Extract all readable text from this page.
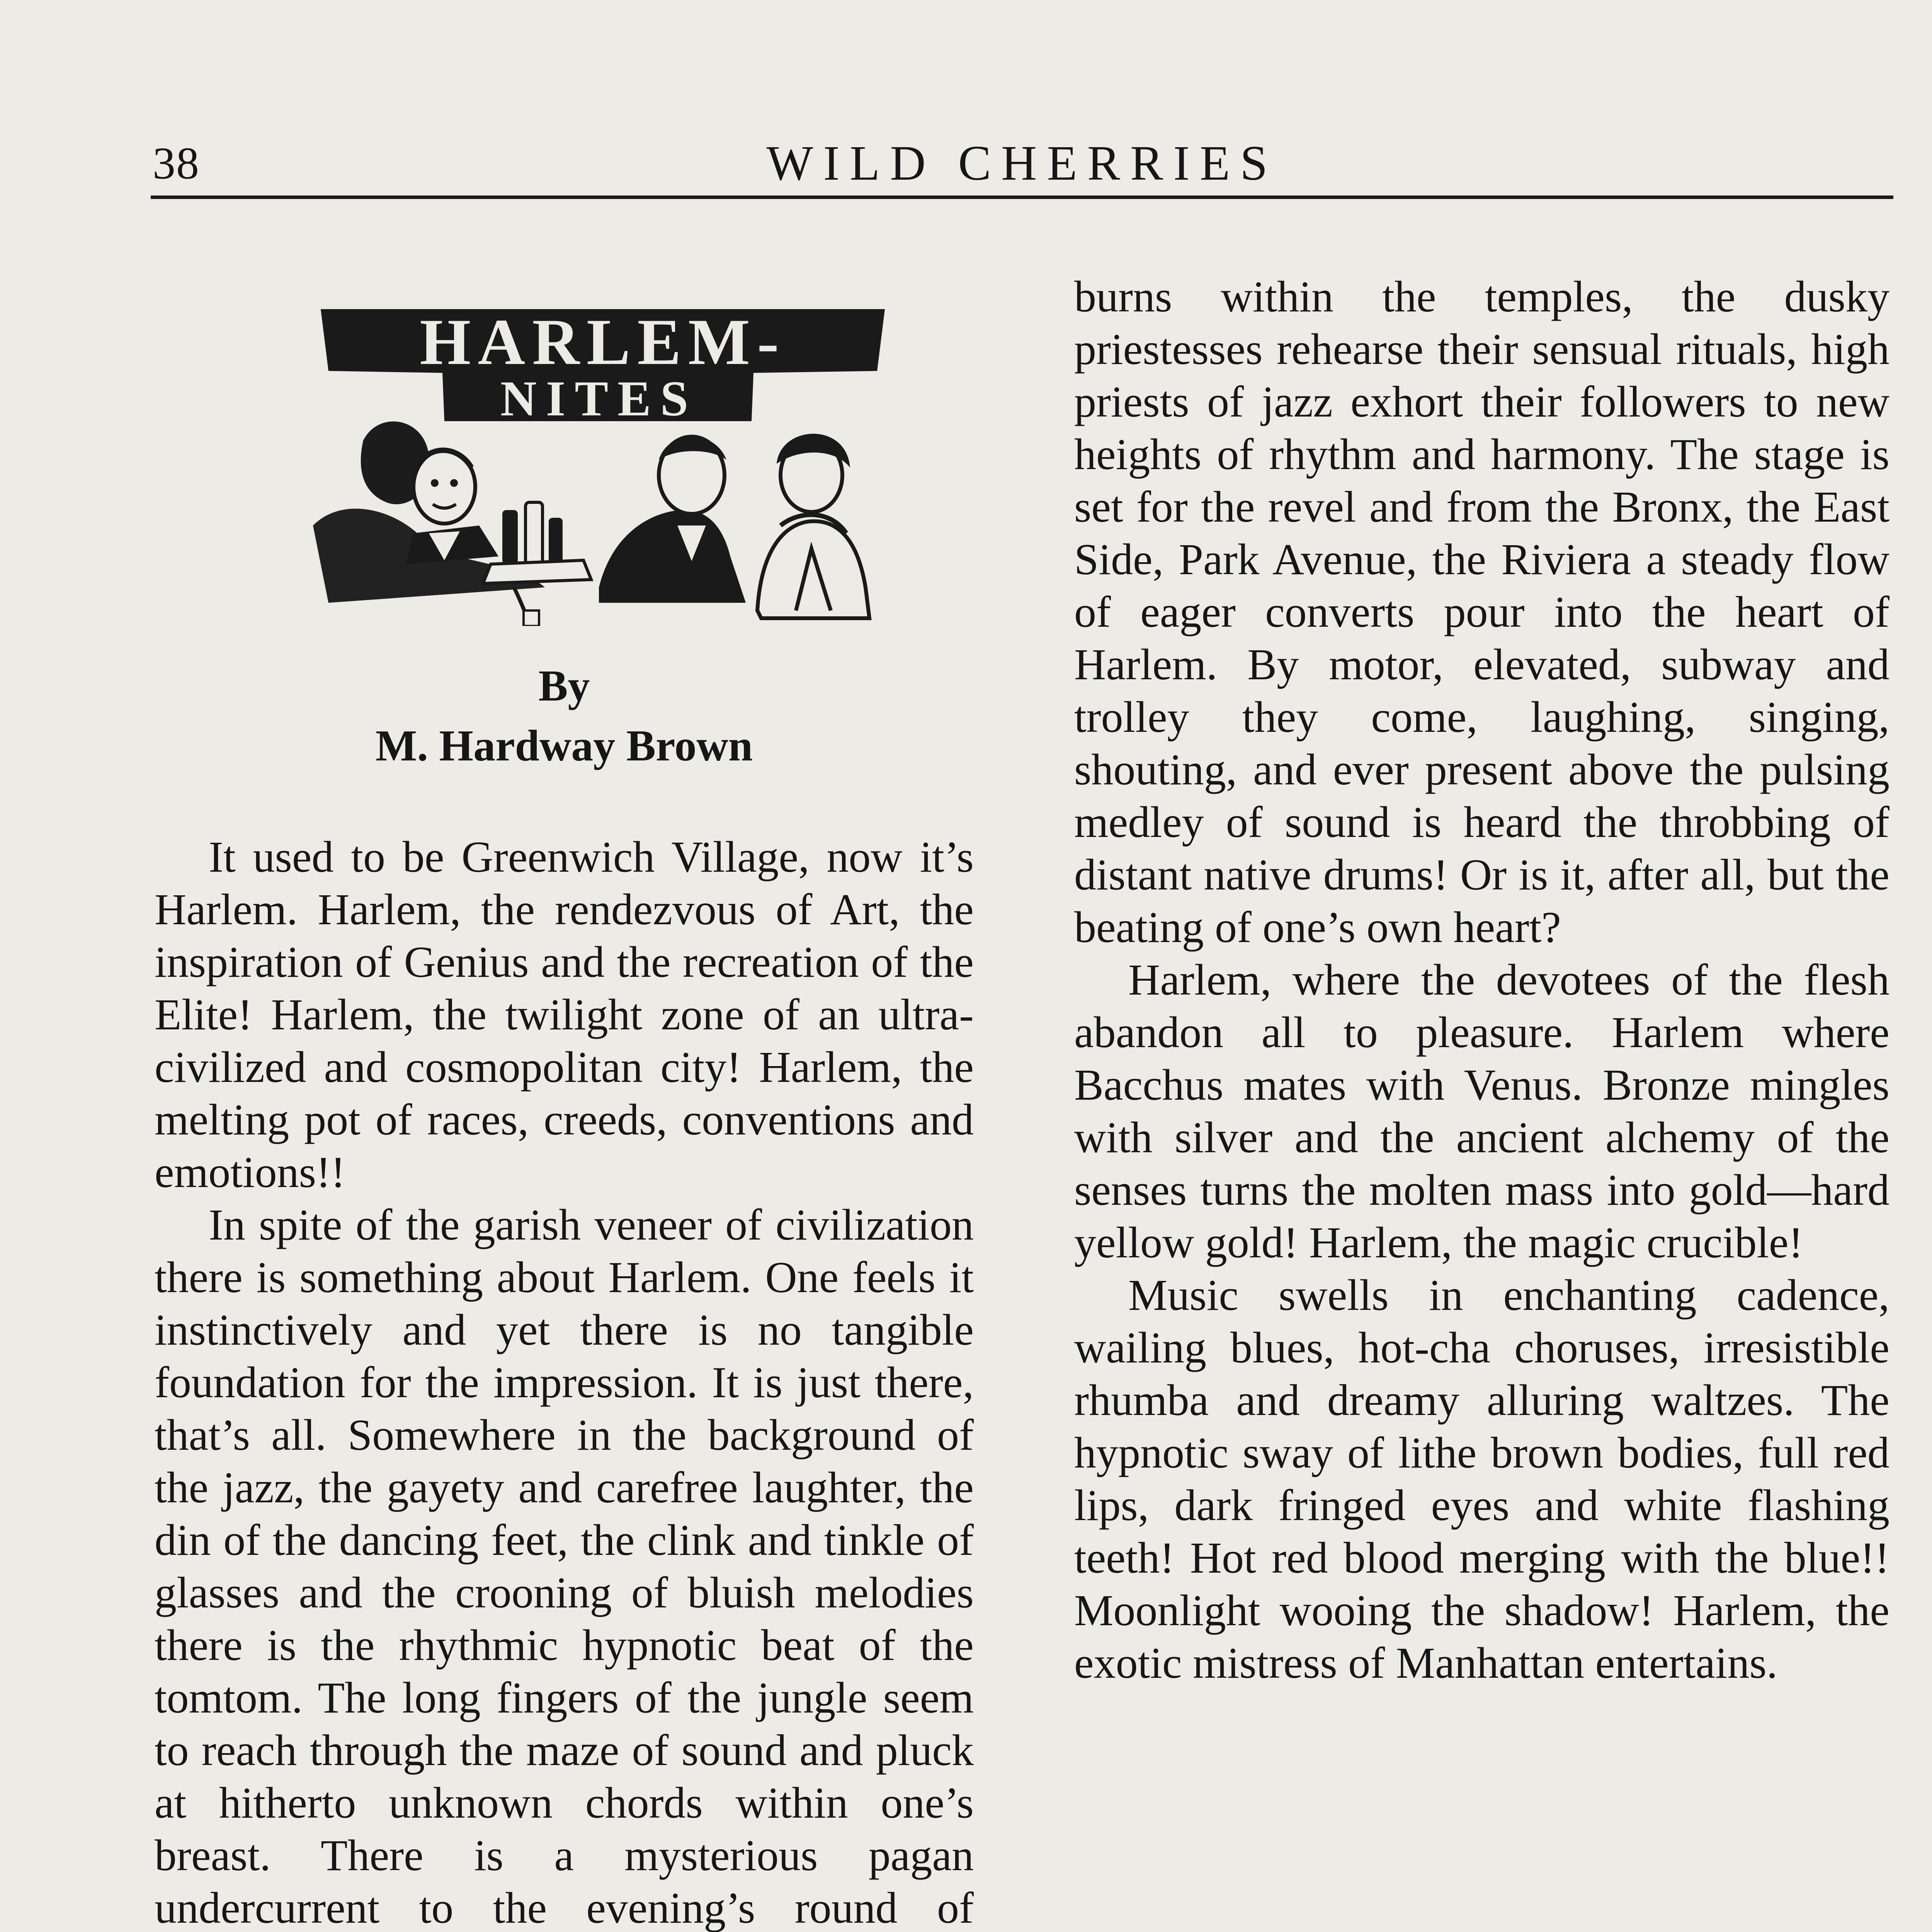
38	WILD CHERRIES
HARLEM-
NITES
By
M. Hardway Brown

It used to be Greenwich Village, now it’s Harlem. Harlem, the rendezvous of Art, the inspiration of Genius and the recreation of the Elite! Harlem, the twilight zone of an ultra-civilized and cosmopolitan city! Harlem, the melting pot of races, creeds, conventions and emotions!!

In spite of the garish veneer of civilization there is something about Harlem. One feels it instinctively and yet there is no tangible foundation for the impression. It is just there, that’s all. Somewhere in the background of the jazz, the gayety and carefree laughter, the din of the dancing feet, the clink and tinkle of glasses and the crooning of bluish melodies there is the rhythmic hypnotic beat of the tomtom. The long fingers of the jungle seem to reach through the maze of sound and pluck at hitherto unknown chords within one’s breast. There is a mysterious pagan undercurrent to the evening’s round of

burns within the temples, the dusky priestesses rehearse their sensual rituals, high priests of jazz exhort their followers to new heights of rhythm and harmony. The stage is set for the revel and from the Bronx, the East Side, Park Avenue, the Riviera a steady flow of eager converts pour into the heart of Harlem. By motor, elevated, subway and trolley they come, laughing, singing, shouting, and ever present above the pulsing medley of sound is heard the throbbing of distant native drums! Or is it, after all, but the beating of one’s own heart?

Harlem, where the devotees of the flesh abandon all to pleasure. Harlem where Bacchus mates with Venus. Bronze mingles with silver and the ancient alchemy of the senses turns the molten mass into gold—hard yellow gold! Harlem, the magic crucible!

Music swells in enchanting cadence, wailing blues, hot-cha choruses, irresistible rhumba and dreamy alluring waltzes. The hypnotic sway of lithe brown bodies, full red lips, dark fringed eyes and white flashing teeth! Hot red blood merging with the blue!! Moonlight wooing the shadow! Harlem, the exotic mistress of Manhattan entertains.
